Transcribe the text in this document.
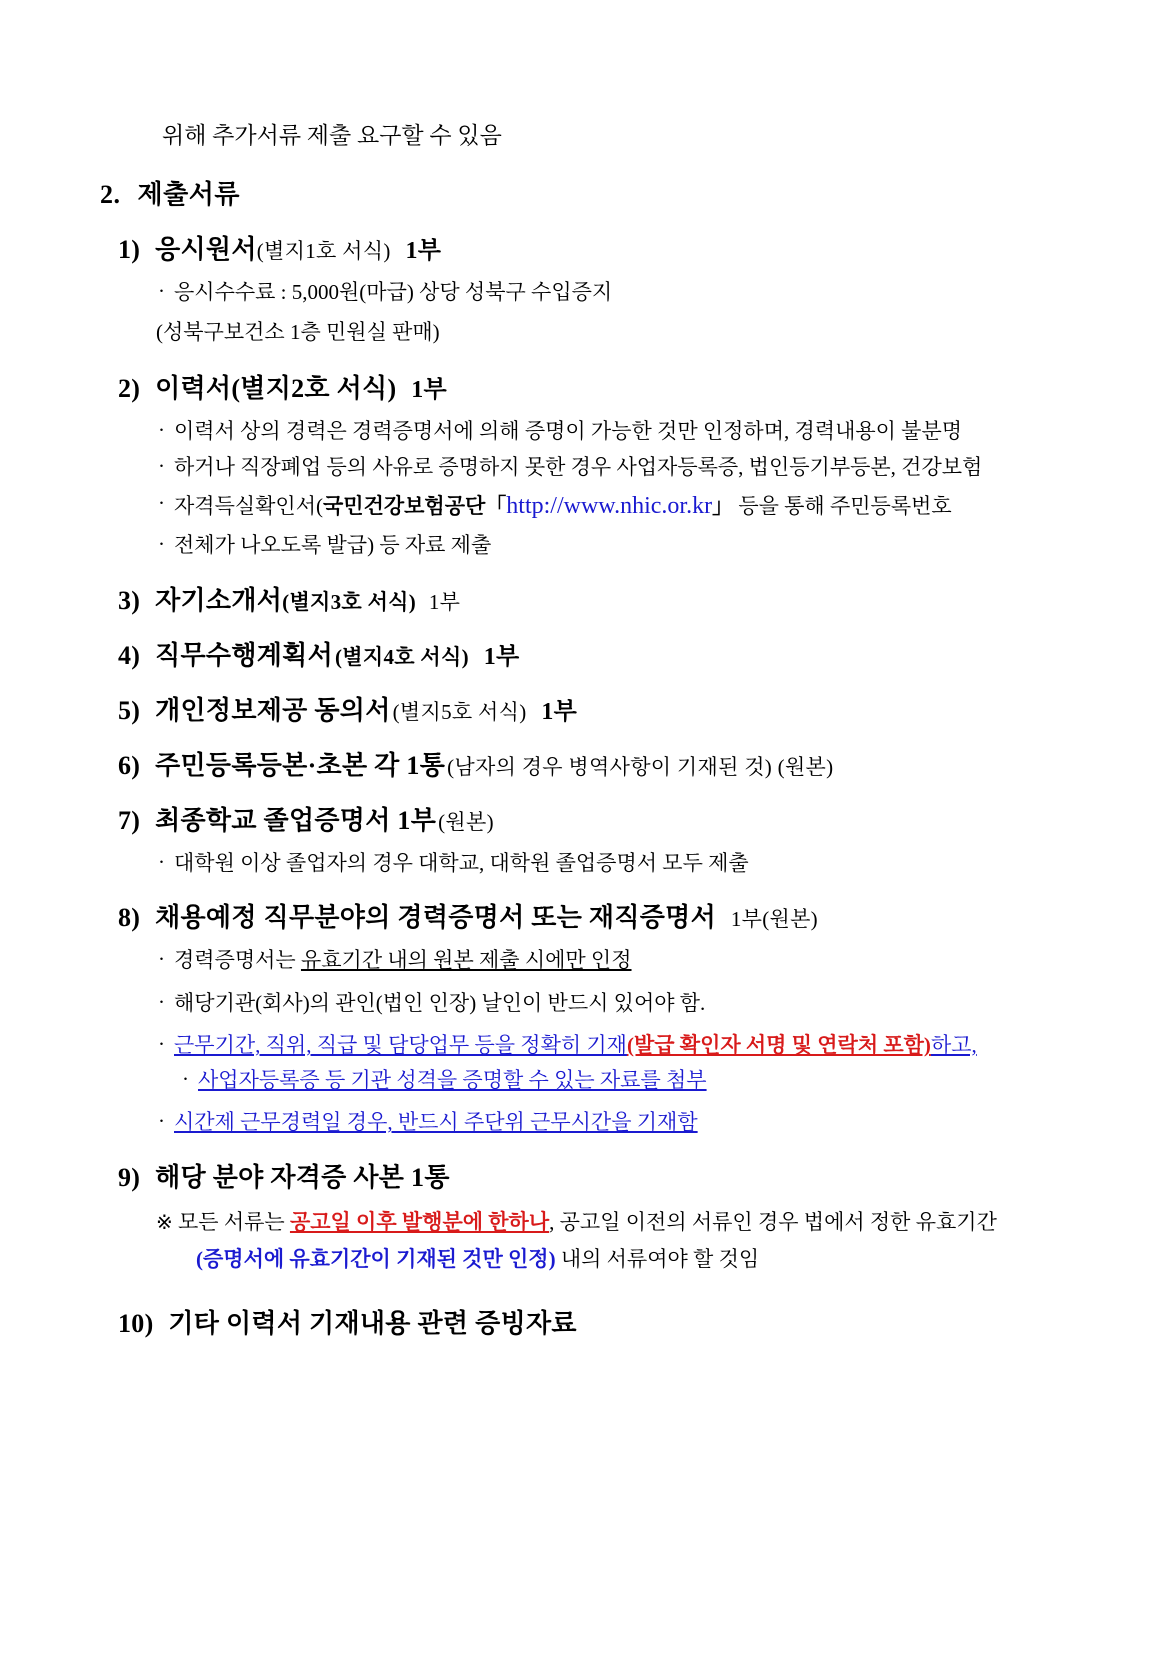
위해 추가서류 제출 요구할 수 있음
2. 제출서류
1) 응시원서(별지1호 서식) 1부
· 응시수수료 : 5,000원(마급) 상당 성북구 수입증지
(성북구보건소 1층 민원실 판매)
2) 이력서(별지2호 서식) 1부
· 이력서 상의 경력은 경력증명서에 의해 증명이 가능한 것만 인정하며, 경력내용이 불분명
· 하거나 직장폐업 등의 사유로 증명하지 못한 경우 사업자등록증, 법인등기부등본, 건강보험
· 자격득실확인서(국민건강보험공단「http://www.nhic.or.kr」 등을 통해 주민등록번호
· 전체가 나오도록 발급) 등 자료 제출
3) 자기소개서(별지3호 서식) 1부
4) 직무수행계획서(별지4호 서식) 1부
5) 개인정보제공 동의서(별지5호 서식) 1부
6) 주민등록등본·초본 각 1통(남자의 경우 병역사항이 기재된 것) (원본)
7) 최종학교 졸업증명서 1부(원본)
· 대학원 이상 졸업자의 경우 대학교, 대학원 졸업증명서 모두 제출
8) 채용예정 직무분야의 경력증명서 또는 재직증명서 1부(원본)
· 경력증명서는 유효기간 내의 원본 제출 시에만 인정
· 해당기관(회사)의 관인(법인 인장) 날인이 반드시 있어야 함.
· 근무기간, 직위, 직급 및 담당업무 등을 정확히 기재(발급 확인자 서명 및 연락처 포함)하고,
· 사업자등록증 등 기관 성격을 증명할 수 있는 자료를 첨부
· 시간제 근무경력일 경우, 반드시 주단위 근무시간을 기재함
9) 해당 분야 자격증 사본 1통
※ 모든 서류는 공고일 이후 발행분에 한하나, 공고일 이전의 서류인 경우 법에서 정한 유효기간
(증명서에 유효기간이 기재된 것만 인정) 내의 서류여야 할 것임
10) 기타 이력서 기재내용 관련 증빙자료
